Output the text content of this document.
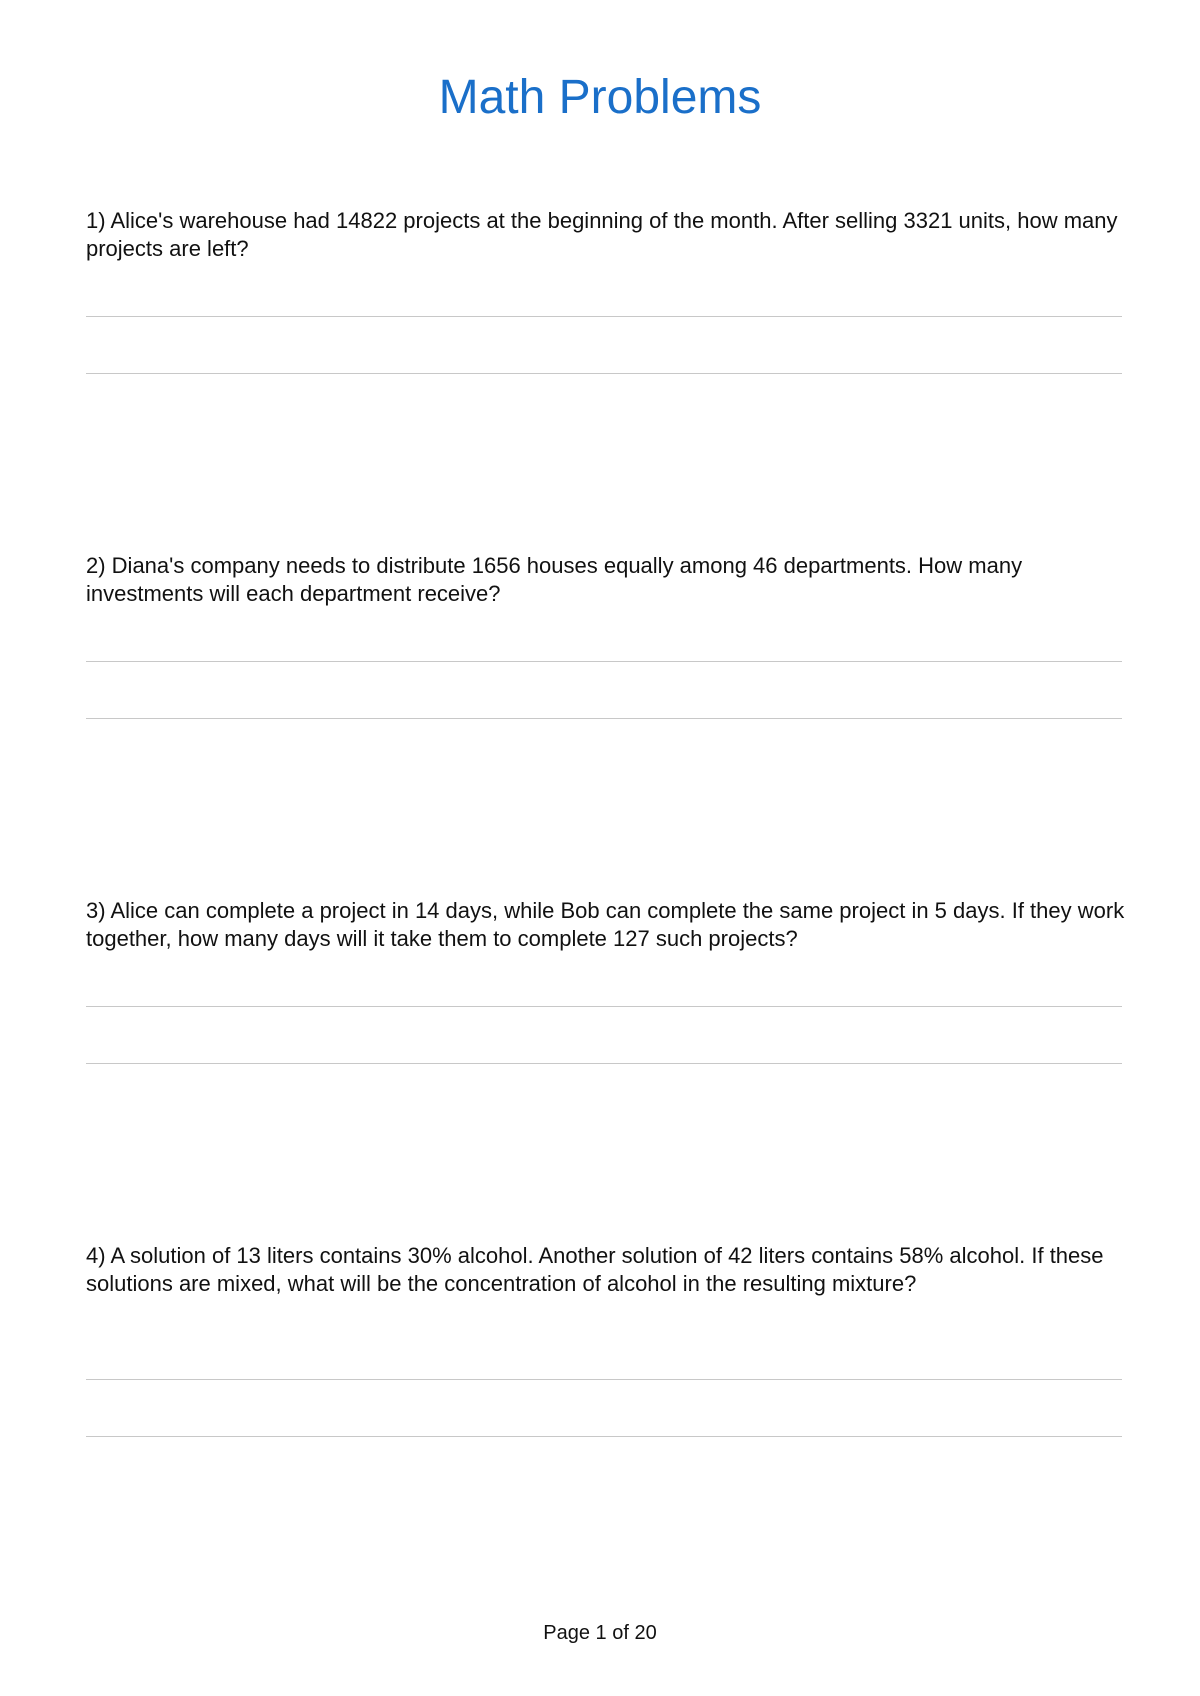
Math Problems

1) Alice's warehouse had 14822 projects at the beginning of the month. After selling 3321 units, how many projects are left?

2) Diana's company needs to distribute 1656 houses equally among 46 departments. How many investments will each department receive?

3) Alice can complete a project in 14 days, while Bob can complete the same project in 5 days. If they work together, how many days will it take them to complete 127 such projects?

4) A solution of 13 liters contains 30% alcohol. Another solution of 42 liters contains 58% alcohol. If these solutions are mixed, what will be the concentration of alcohol in the resulting mixture?

Page 1 of 20
